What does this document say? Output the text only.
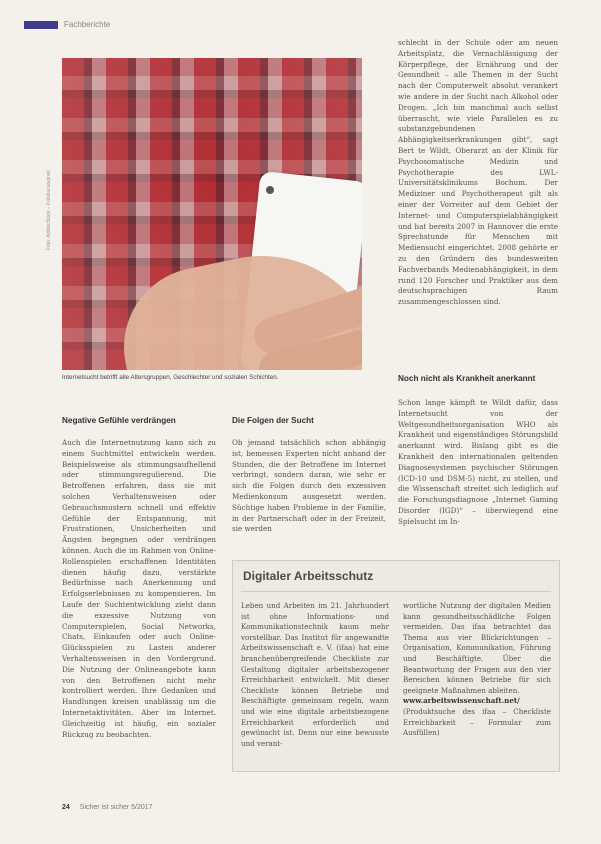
Fachberichte
Foto: AdobeStock – Fotolia/rawpixel
Internetsucht betrifft alle Altersgruppen, Geschlechter und sozialen Schichten.

schlecht in der Schule oder am neuen Arbeitsplatz, die Vernachlässigung der Körperpflege, der Ernährung und der Gesundheit – alle Themen in der Sucht nach der Computerwelt absolut verankert wie andere in der Sucht nach Alkohol oder Drogen. „Ich bin manchmal auch selbst überrascht, wie viele Parallelen es zu substanzgebundenen Abhängigkeitserkrankungen gibt“, sagt Bert te Wildt, Oberarzt an der Klinik für Psychosomatische Medizin und Psychotherapie des LWL-Universitätsklinikums Bochum. Der Mediziner und Psychotherapeut gilt als einer der Vorreiter auf dem Gebiet der Internet- und Computerspielabhängigkeit und hat bereits 2007 in Hannover die erste Sprechstunde für Menschen mit Mediensucht eingerichtet. 2008 gehörte er zu den Gründern des bundesweiten Fachverbands Medienabhängigkeit, in dem rund 120 Forscher und Praktiker aus dem deutschsprachigen Raum zusammengeschlossen sind.

Noch nicht als Krankheit anerkannt

Schon lange kämpft te Wildt dafür, dass Internetsucht von der Weltgesundheitsorganisation WHO als Krankheit und eigenständiges Störungsbild anerkannt wird. Bislang gibt es die Krankheit den internationalen geltenden Diagnosesystemen psychischer Störungen (ICD-10 und DSM-5) nicht, zu stellen, und die Wissenschaft streitet sich lediglich auf die Forschungsdiagnose „Internet Gaming Disorder (IGD)“ – überwiegend eine Spielsucht im In-

Negative Gefühle verdrängen

Auch die Internetnutzung kann sich zu einem Suchtmittel entwickeln werden. Beispielsweise als stimmungsaufhellend oder stimmungsregulierend. Die Betroffenen erfahren, dass sie mit solchen Verhaltensweisen oder Gebrauchsmustern schnell und effektiv Gefühle der Entspannung, mit Frustrationen, Unsicherheiten und Ängsten begegnen oder verdrängen können. Auch die im Rahmen von Online-Rollenspielen erschaffenen Identitäten dienen häufig dazu, verstärkte Bedürfnisse nach Anerkennung und Erfolgserlebnissen zu kompensieren. Im Laufe der Suchtentwicklung zieht dann die exzessive Nutzung von Computerspielen, Social Networks, Chats, Einkaufen oder auch Online-Glücksspielen zu Lasten anderer Verhaltensweisen in den Vordergrund. Die Nutzung der Onlineangebote kann von den Betroffenen nicht mehr kontrolliert werden. Ihre Gedanken und Handlungen kreisen unablässig um die Internetaktivitäten. Aber im Internet. Gleichzeitig ist häufig, ein sozialer Rückzug zu beobachten.

Die Folgen der Sucht

Ob jemand tatsächlich schon abhängig ist, bemessen Experten nicht anhand der Stunden, die der Betroffene im Internet verbringt, sondern daran, wie sehr er sich die Folgen durch den exzessiven Medienkonsum ausgesetzt werden. Süchtige haben Probleme in der Familie, in der Partnerschaft oder in der Freizeit, sie werden

Digitaler Arbeitsschutz
Leben und Arbeiten im 21. Jahrhundert ist ohne Informations- und Kommunikationstechnik kaum mehr vorstellbar. Das Institut für angewandte Arbeitswissenschaft e. V. (ifaa) hat eine branchenübergreifende Checkliste zur Gestaltung digitaler arbeitsbezogener Erreichbarkeit entwickelt. Mit dieser Checkliste können Betriebe und Beschäftigte gemeinsam regeln, wann und wie eine digitale arbeitsbezogene Erreichbarkeit erforderlich und gewünscht ist. Denn nur eine bewusste und verant-
wortliche Nutzung der digitalen Medien kann gesundheitsschädliche Folgen vermeiden. Das ifaa betrachtet das Thema aus vier Blickrichtungen – Organisation, Kommunikation, Führung und Beschäftigte. Über die Beantwortung der Fragen aus den vier Bereichen können Betriebe für sich geeignete Maßnahmen ableiten.
www.arbeitswissenschaft.net/
(Produktsuche des ifaa – Checkliste Erreichbarkeit – Formular zum Ausfüllen)
24 Sicher ist sicher 5/2017
